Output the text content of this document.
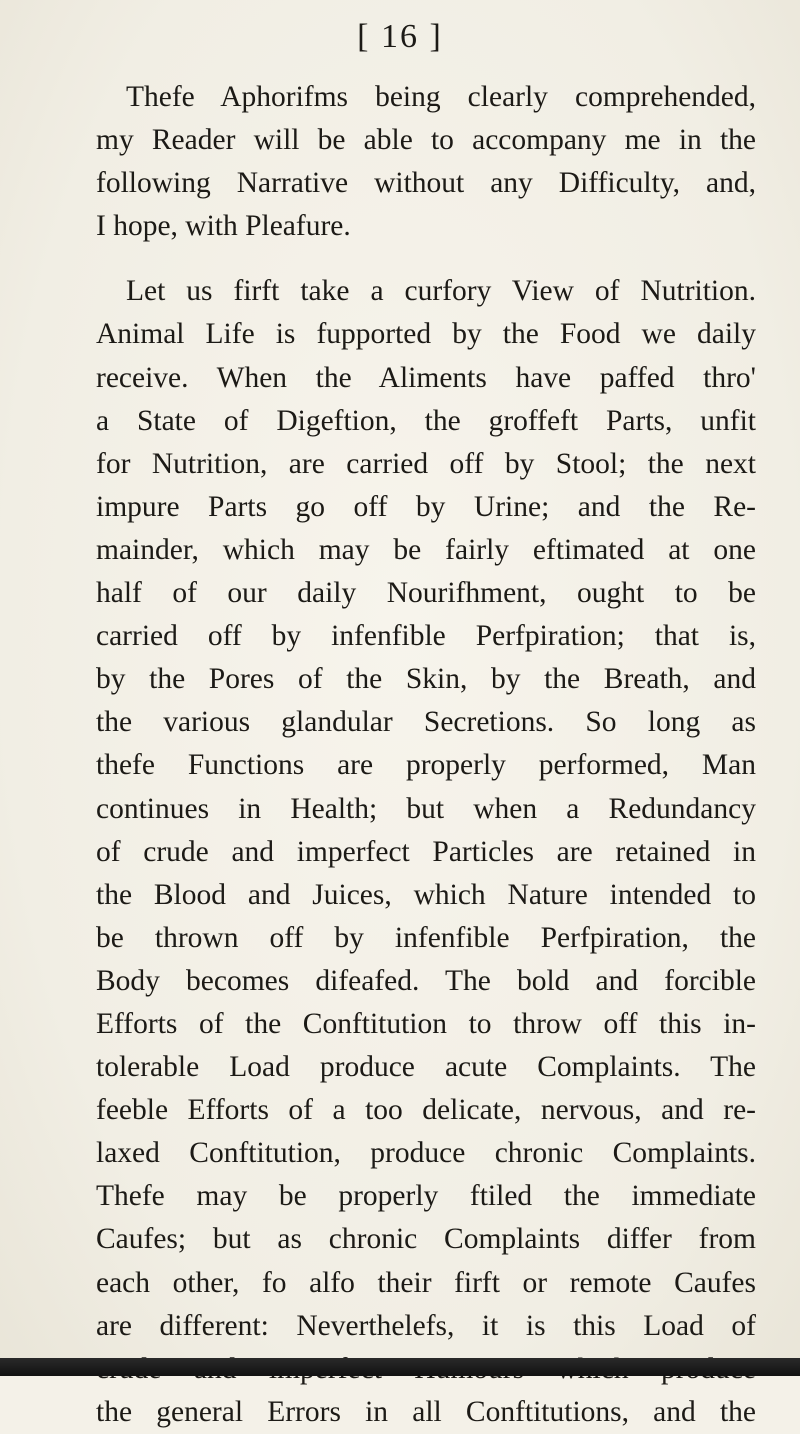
[ 16 ]
Thefe Aphorifms being clearly comprehended,
my Reader will be able to accompany me in the
following Narrative without any Difficulty, and,
I hope, with Pleafure.
Let us firft take a curfory View of Nutrition.
Animal Life is fupported by the Food we daily
receive. When the Aliments have paffed thro'
a State of Digeftion, the groffeft Parts, unfit
for Nutrition, are carried off by Stool; the next
impure Parts go off by Urine; and the Re-
mainder, which may be fairly eftimated at one
half of our daily Nourifhment, ought to be
carried off by infenfible Perfpiration; that is,
by the Pores of the Skin, by the Breath, and
the various glandular Secretions. So long as
thefe Functions are properly performed, Man
continues in Health; but when a Redundancy
of crude and imperfect Particles are retained in
the Blood and Juices, which Nature intended to
be thrown off by infenfible Perfpiration, the
Body becomes difeafed. The bold and forcible
Efforts of the Conftitution to throw off this in-
tolerable Load produce acute Complaints. The
feeble Efforts of a too delicate, nervous, and re-
laxed Conftitution, produce chronic Complaints.
Thefe may be properly ftiled the immediate
Caufes; but as chronic Complaints differ from
each other, fo alfo their firft or remote Caufes
are different: Neverthelefs, it is this Load of
the general Errors in all Conftitutions, and the
